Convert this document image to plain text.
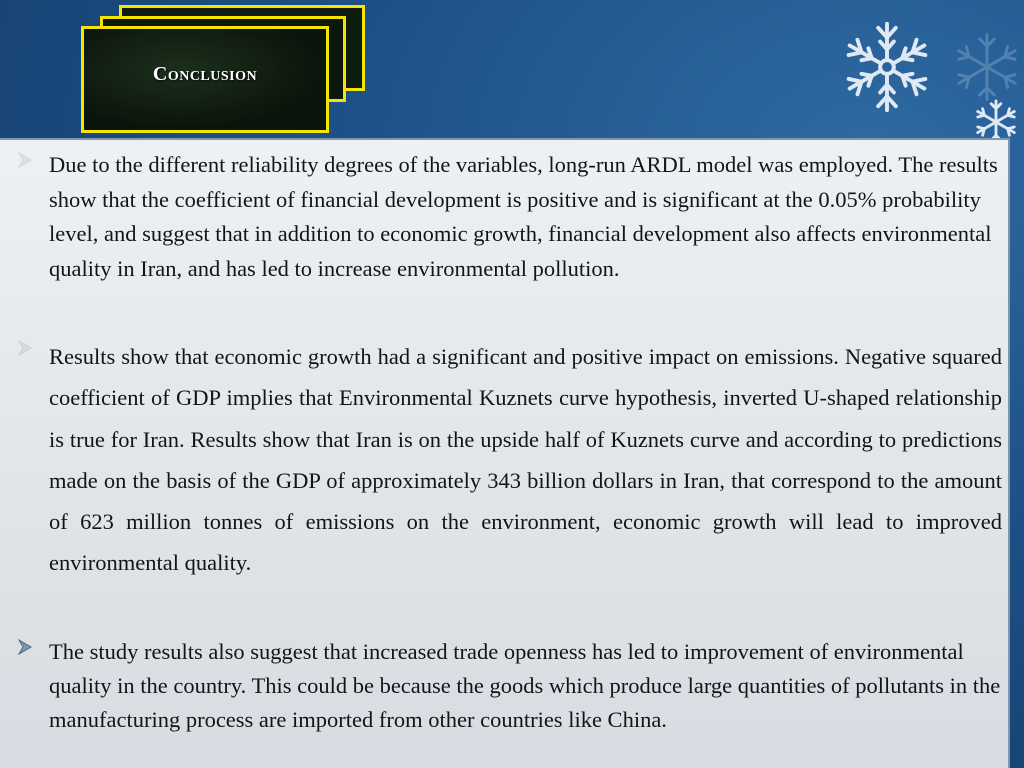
Conclusion
Due to the different reliability degrees of the variables, long-run ARDL model was employed. The results show that the coefficient of financial development is positive and is significant at the 0.05% probability level, and suggest that in addition to economic growth, financial development also affects environmental quality in Iran, and has led to increase environmental pollution.
Results show that economic growth had a significant and positive impact on emissions. Negative squared coefficient of GDP implies that Environmental Kuznets curve hypothesis, inverted U-shaped relationship is true for Iran. Results show that Iran is on the upside half of Kuznets curve and according to predictions made on the basis of the GDP of approximately 343 billion dollars in Iran, that correspond to the amount of 623 million tonnes of emissions on the environment, economic growth will lead to improved environmental quality.
The study results also suggest that increased trade openness has led to improvement of environmental quality in the country. This could be because the goods which produce large quantities of pollutants in the manufacturing process are imported from other countries like China.
